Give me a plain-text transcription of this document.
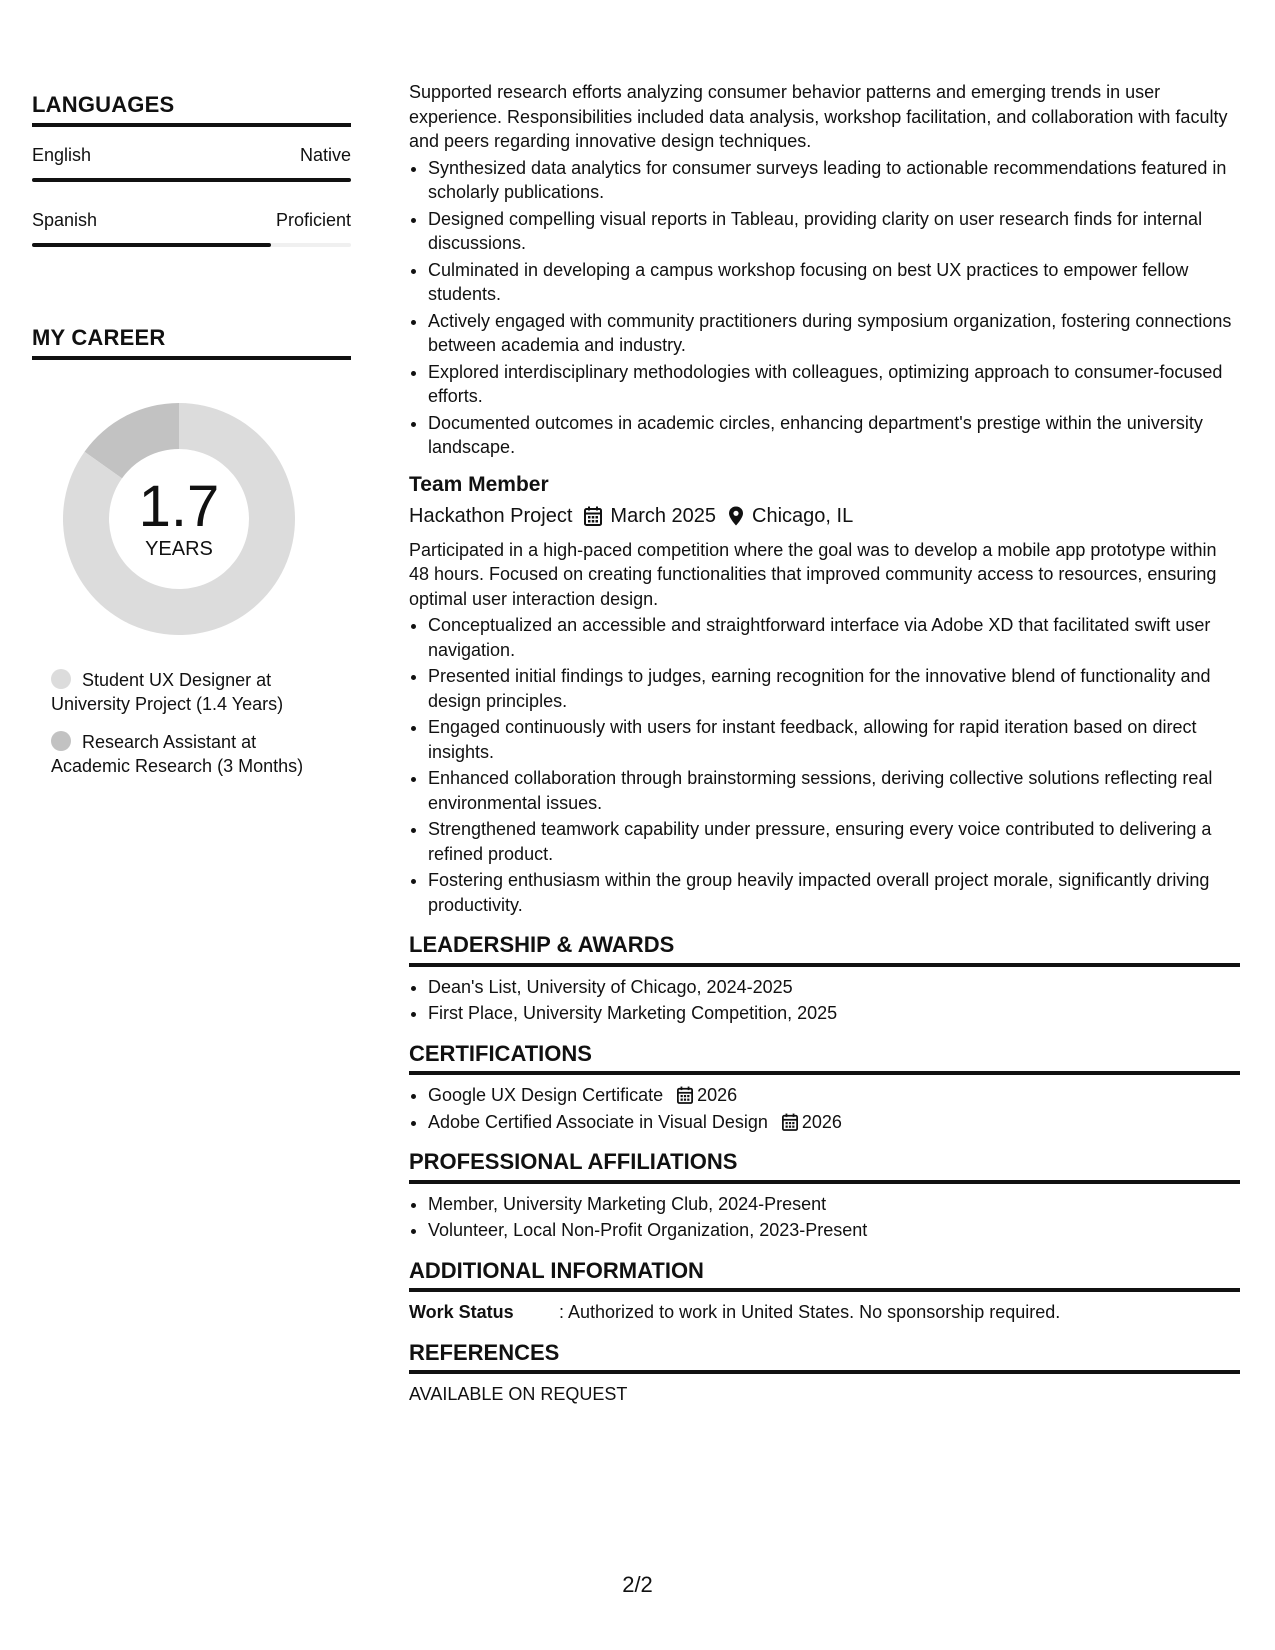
LANGUAGES
English	Native
Spanish	Proficient
MY CAREER
1.7
YEARS
Student UX Designer at
University Project (1.4 Years)
Research Assistant at
Academic Research (3 Months)

Supported research efforts analyzing consumer behavior patterns and emerging trends in user experience. Responsibilities included data analysis, workshop facilitation, and collaboration with faculty and peers regarding innovative design techniques.

• Synthesized data analytics for consumer surveys leading to actionable recommendations featured in scholarly publications.
• Designed compelling visual reports in Tableau, providing clarity on user research finds for internal discussions.
• Culminated in developing a campus workshop focusing on best UX practices to empower fellow students.
• Actively engaged with community practitioners during symposium organization, fostering connections between academia and industry.
• Explored interdisciplinary methodologies with colleagues, optimizing approach to consumer-focused efforts.
• Documented outcomes in academic circles, enhancing department's prestige within the university landscape.
Team Member
Hackathon Project March 2025 Chicago, IL

Participated in a high-paced competition where the goal was to develop a mobile app prototype within 48 hours. Focused on creating functionalities that improved community access to resources, ensuring optimal user interaction design.

• Conceptualized an accessible and straightforward interface via Adobe XD that facilitated swift user navigation.
• Presented initial findings to judges, earning recognition for the innovative blend of functionality and design principles.
• Engaged continuously with users for instant feedback, allowing for rapid iteration based on direct insights.
• Enhanced collaboration through brainstorming sessions, deriving collective solutions reflecting real environmental issues.
• Strengthened teamwork capability under pressure, ensuring every voice contributed to delivering a refined product.
• Fostering enthusiasm within the group heavily impacted overall project morale, significantly driving productivity.
LEADERSHIP & AWARDS
• Dean's List, University of Chicago, 2024-2025
• First Place, University Marketing Competition, 2025
CERTIFICATIONS
• Google UX Design Certificate 2026
• Adobe Certified Associate in Visual Design 2026
PROFESSIONAL AFFILIATIONS
• Member, University Marketing Club, 2024-Present
• Volunteer, Local Non-Profit Organization, 2023-Present
ADDITIONAL INFORMATION
Work Status	: Authorized to work in United States. No sponsorship required.
REFERENCES
AVAILABLE ON REQUEST
2/2
